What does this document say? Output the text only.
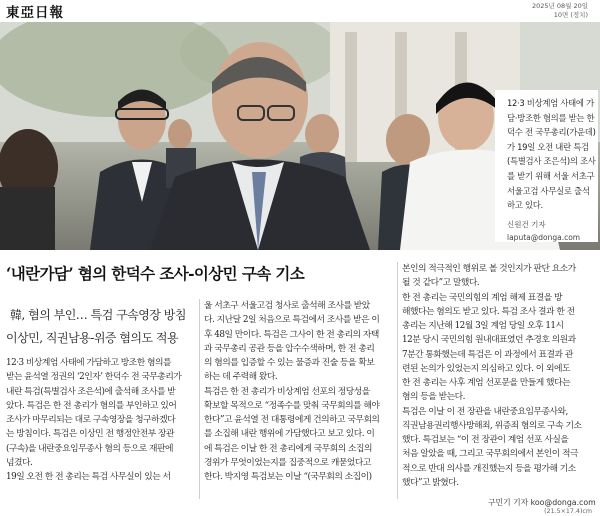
東亞日報	2025년 08월 20일
10면 (정치)
12·3 비상계엄 사태에 가
담·방조한 혐의를 받는 한
덕수 전 국무총리(가운데)
가 19일 오전 내란 특검
(특별검사 조은석)의 조사
를 받기 위해 서울 서초구
서울고검 사무실로 출석
하고 있다.
신원건 기자
laputa@donga.com
‘내란가담’ 혐의 한덕수 조사-이상민 구속 기소
韓, 혐의 부인… 특검 구속영장 방침
이상민, 직권남용-위증 혐의도 적용
12·3 비상계엄 사태에 가담하고 방조한 혐의를
받는 윤석열 정권의 ‘2인자’ 한덕수 전 국무총리가
내란 특검(특별검사 조은석)에 출석해 조사를 받
았다. 특검은 한 전 총리가 혐의를 부인하고 있어
조사가 마무리되는 대로 구속영장을 청구하겠다
는 방침이다. 특검은 이상민 전 행정안전부 장관
(구속)을 내란중요임무종사 혐의 등으로 재판에
넘겼다.
19일 오전 한 전 총리는 특검 사무실이 있는 서
울 서초구 서울고검 청사로 출석해 조사를 받았
다. 지난달 2일 처음으로 특검에서 조사를 받은 이
후 48일 만이다. 특검은 그사이 한 전 총리의 자택
과 국무총리 공관 등을 압수수색하며, 한 전 총리
의 혐의를 입증할 수 있는 물증과 진술 등을 확보
하는 데 주력해 왔다.
특검은 한 전 총리가 비상계엄 선포의 정당성을
확보할 목적으로 “정족수를 맞춰 국무회의를 해야
한다”고 윤석열 전 대통령에게 건의하고 국무회의
를 소집해 내란 행위에 가담했다고 보고 있다. 이
에 특검은 이날 한 전 총리에게 국무회의 소집의
경위가 무엇이었는지를 집중적으로 캐묻었다고
한다. 박지영 특검보는 이날 “(국무회의 소집이)
본인의 적극적인 행위로 볼 것인지가 판단 요소가
될 것 같다”고 말했다.
한 전 총리는 국민의힘의 계엄 해제 표결을 방
해했다는 혐의도 받고 있다. 특검 조사 결과 한 전
총리는 지난해 12월 3일 계엄 당일 오후 11시
12분 당시 국민의힘 원내대표였던 추경호 의원과
7분간 통화했는데 특검은 이 과정에서 표결과 관
련된 논의가 있었는지 의심하고 있다. 이 외에도
한 전 총리는 사후 계엄 선포문을 만들게 했다는
혐의 등을 받는다.
특검은 이날 이 전 장관을 내란중요임무종사와,
직권남용권리행사방해죄, 위증죄 혐의로 구속 기소
했다. 특검보는 “이 전 장관이 계엄 선포 사실을
처음 알았을 때, 그리고 국무회의에서 본인이 적극
적으로 반대 의사를 개진했는지 등을 평가해 기소
했다”고 밝혔다.
구민기 기자 koo@donga.com
(21.5×17.4)cm
